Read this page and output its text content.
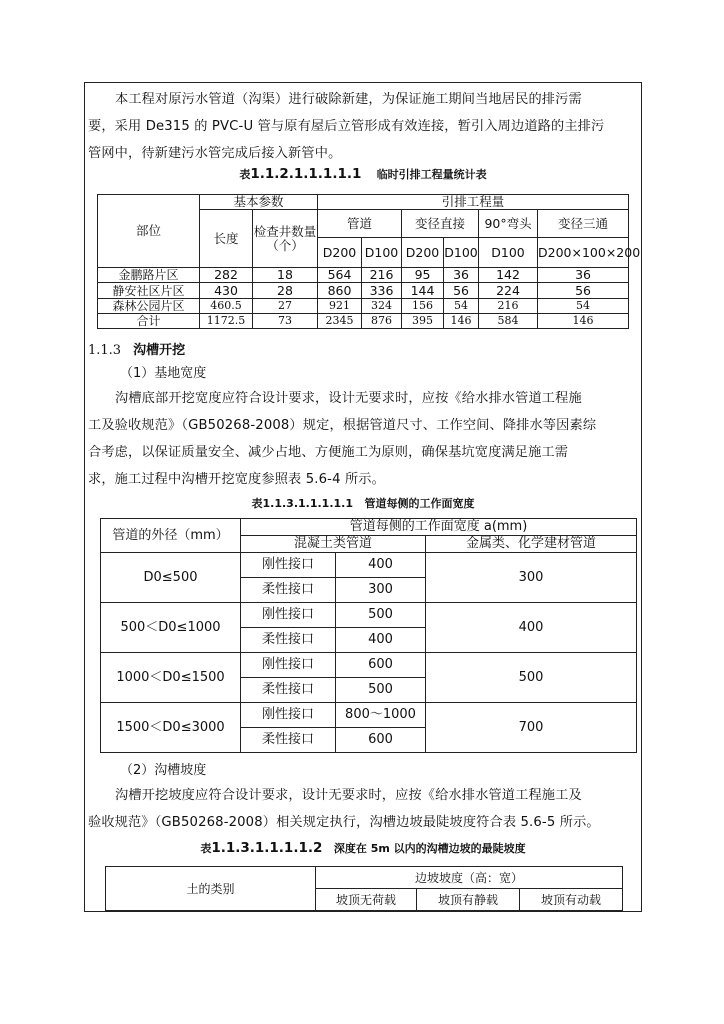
本工程对原污水管道（沟渠）进行破除新建，为保证施工期间当地居民的排污需
要，采用 De315 的 PVC-U 管与原有屋后立管形成有效连接，暂引入周边道路的主排污
管网中，待新建污水管完成后接入新管中。
表1.1.2.1.1.1.1.1 临时引排工程量统计表
部位	基本参数		引排工程量					
	长度	检查井数量（个）	管道		变径直接		90°弯头	变径三通
			D200	D100	D200	D100	D100	D200×100×200
金鹏路片区	282	18	564	216	95	36	142	36
静安社区片区	430	28	860	336	144	56	224	56
森林公园片区	460.5	27	921	324	156	54	216	54
合计	1172.5	73	2345	876	395	146	584	146
1.1.3 沟槽开挖
（1）基地宽度
沟槽底部开挖宽度应符合设计要求，设计无要求时，应按《给水排水管道工程施
工及验收规范》（GB50268-2008）规定，根据管道尺寸、工作空间、降排水等因素综
合考虑，以保证质量安全、减少占地、方便施工为原则，确保基坑宽度满足施工需
求，施工过程中沟槽开挖宽度参照表 5.6-4 所示。
表1.1.3.1.1.1.1.1 管道每侧的工作面宽度
管道的外径（mm）	管道每侧的工作面宽度 a(mm)		
	混凝土类管道		金属类、化学建材管道
D0≤500	刚性接口	400	300
	柔性接口	300	
500＜D0≤1000	刚性接口	500	400
	柔性接口	400	
1000＜D0≤1500	刚性接口	600	500
	柔性接口	500	
1500＜D0≤3000	刚性接口	800～1000	700
	柔性接口	600	
（2）沟槽坡度
沟槽开挖坡度应符合设计要求，设计无要求时，应按《给水排水管道工程施工及
验收规范》（GB50268-2008）相关规定执行，沟槽边坡最陡坡度符合表 5.6-5 所示。
表1.1.3.1.1.1.1.2 深度在 5m 以内的沟槽边坡的最陡坡度
土的类别	边坡坡度（高：宽）		
	坡顶无荷载	坡顶有静载	坡顶有动载
